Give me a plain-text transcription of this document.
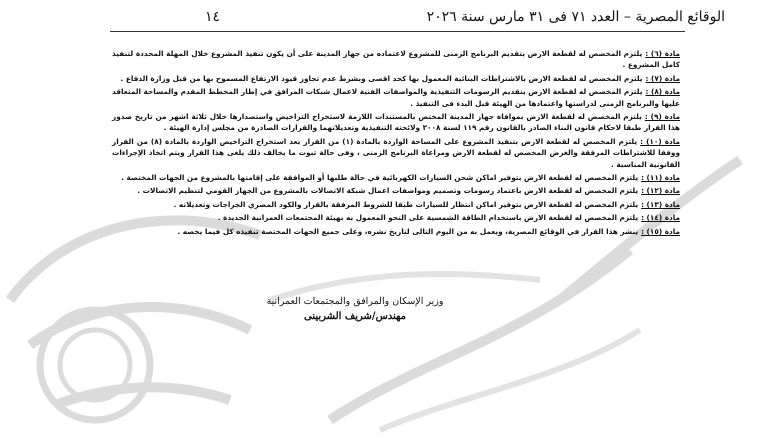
الوقائع المصرية – العدد ٧١ فى ٣١ مارس سنة ٢٠٢٦
١٤

مادة (٦) :يلتزم المخصص له لقطعة الارض بتقديم البرنامج الزمنى للمشروع لاعتماده من جهاز المدينة على أن يكون تنفيذ المشروع خلال المهلة المحددة لتنفيذ كامل المشروع .

مادة (٧) :يلتزم المخصص له لقطعة الارض بالاشتراطات البنائية المعمول بها كحد اقصى وبشرط عدم تجاوز قيود الارتفاع المسموح بها من قبل وزارة الدفاع .

مادة (٨) :يلتزم المخصص له لقطعة الارض بتقديم الرسومات التنفيذية والمواصفات الفنية لاعمال شبكات المرافق في إطار المخطط المقدم والمساحة المتعاقد عليها والبرنامج الزمنى لدراستها واعتمادها من الهيئة قبل البدء فى التنفيذ .

مادة (٩) :يلتزم المخصص له لقطعة الارض بموافاة جهاز المدينة المختص بالمستندات اللازمة لاستخراج التراخيص واستصدارها خلال ثلاثة اشهر من تاريخ صدور هذا القرار طبقا لاحكام قانون البناء الصادر بالقانون رقم ١١٩ لسنة ٢٠٠٨ ولائحته التنفيذية وتعديلاتهما والقرارات الصادرة من مجلس إدارة الهيئة .

مادة (١٠) :يلتزم المخصص له لقطعة الارض بتنفيذ المشروع على المساحة الواردة بالمادة (١) من القرار بعد استخراج التراخيص الواردة بالمادة (٨) من القرار ووفقا للاشتراطات المرفقة والغرض المخصص له لقطعة الارض ومراعاة البرنامج الزمنى ، وفى حالة ثبوت ما يخالف ذلك يلغى هذا القرار ويتم اتخاذ الإجراءات القانونية المناسبة .

مادة (١١) :يلتزم المخصص له لقطعة الارض بتوفير اماكن شحن السيارات الكهربائية في حالة طلبها أو الموافقة على إقامتها بالمشروع من الجهات المختصة .

مادة (١٢) :يلتزم المخصص له لقطعة الارض باعتماد رسومات وتصميم ومواصفات اعمال شبكة الاتصالات بالمشروع من الجهاز القومي لتنظيم الاتصالات .

مادة (١٣) :يلتزم المخصص له لقطعة الارض بتوفير اماكن انتظار للسيارات طبقا للشروط المرفقة بالقرار والكود المصري الجراجات وتعديلاته .

مادة (١٤) :يلتزم المخصص له لقطعة الارض باستخدام الطاقة الشمسية على النحو المعمول به بهيئة المجتمعات العمرانية الجديدة .

مادة (١٥) :ينشر هذا القرار في الوقائع المصرية، ويعمل به من اليوم التالى لتاريخ نشره، وعلى جميع الجهات المختصة تنفيذه كل فيما يخصه .

وزير الإسكان والمرافق والمجتمعات العمرانية
مهندس/شريف الشربينى
